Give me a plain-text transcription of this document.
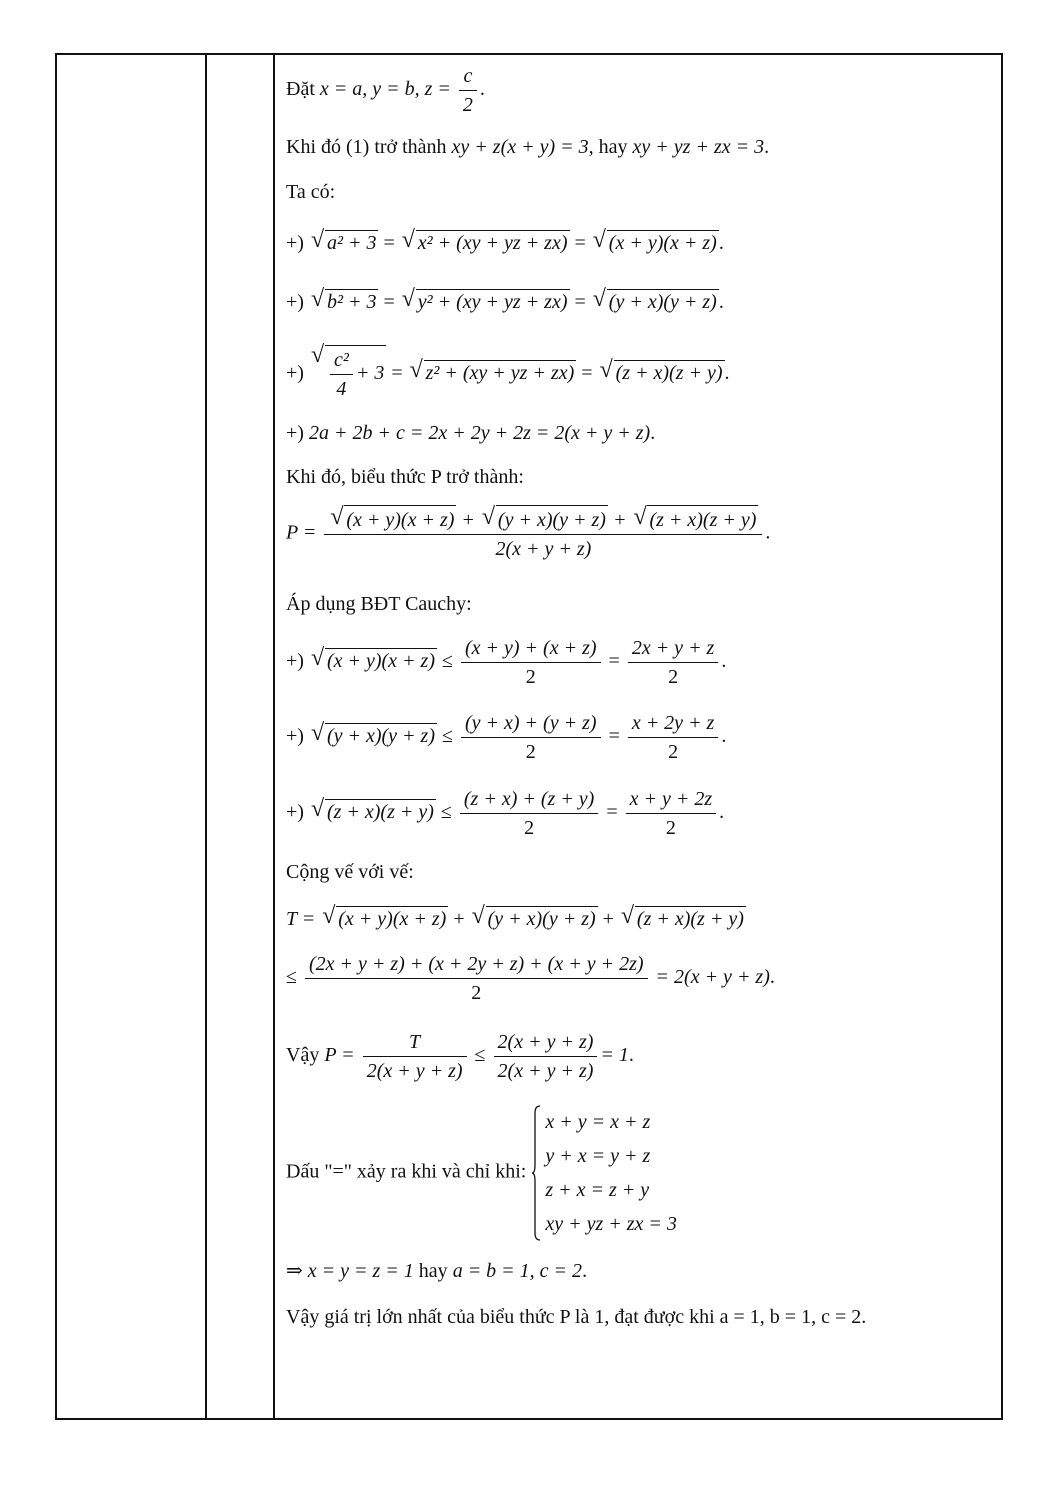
Đặt x = a, y = b, $z = \frac{c}{2}$ .
Khi đó (1) trở thành xy + z(x + y) = 3, hay xy + yz + zx = 3.
Ta có:
+) √ a² + 3 = √ x² + (xy + yz + zx) = √ (x + y)(x + z) .
+) √ b² + 3 = √ y² + (xy + yz + zx) = √ (y + x)(y + z) .
+) √ $\frac{\text{c²}}{4} + 3$ = √ z² + (xy + yz + zx) = √ (z + x)(z + y) .
+) 2a + 2b + c = 2x + 2y + 2z = 2(x + y + z).
Khi đó, biểu thức P trở thành:
P =
√ (x + y)(x + z) + √ (y + x)(y + z) + √ (z + x)(z + y)
2(x + y + z)
.
Áp dụng BĐT Cauchy:
+) √ $(x + y)(x + z) \le \frac{(x + y) + (x + z)}{2} = \frac{2x + y + z}{2}$ .
+) √ $(y + x)(y + z) \le \frac{(y + x) + (y + z)}{2} = \frac{x + 2y + z}{2}$ .
+) √ $(z + x)(z + y) \le \frac{(z + x) + (z + y)}{2} = \frac{x + y + 2z}{2}$ .
Cộng vế với vế:
T = √ (x + y)(x + z) + √ (y + x)(y + z) + √ (z + x)(z + y)
≤ $\frac{(2x + y + z) + (x + 2y + z) + (x + y + 2z)}{2} = 2(x + y + z)$.
Vậy $P = \frac{T}{2(x + y + z)} \le \frac{2(x + y + z)}{2(x + y + z)} = 1$.
Dấu "=" xảy ra khi và chỉ khi:
x + y = x + z
y + x = y + z
z + x = z + y
xy + yz + zx = 3
⇒ x = y = z = 1 hay a = b = 1, c = 2.
Vậy giá trị lớn nhất của biểu thức P là 1, đạt được khi a = 1, b = 1, c = 2.
